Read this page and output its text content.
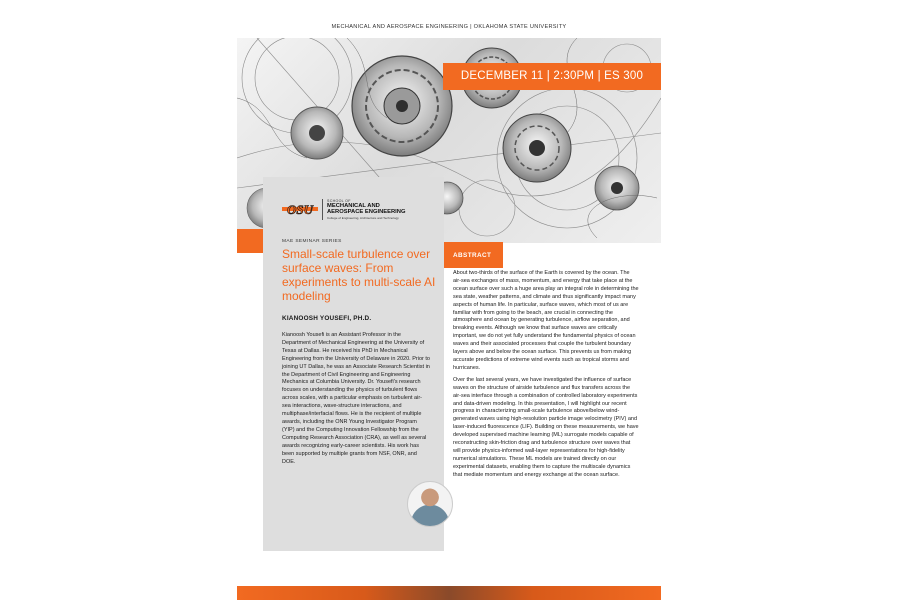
MECHANICAL AND AEROSPACE ENGINEERING | OKLAHOMA STATE UNIVERSITY
DECEMBER 11 | 2:30PM | ES 300
OSU
SCHOOL OF
MECHANICAL AND
AEROSPACE ENGINEERING
College of Engineering, Architecture and Technology
MAE SEMINAR SERIES
Small-scale turbulence over surface waves: From experiments to multi-scale AI modeling
KIANOOSH YOUSEFI, PH.D.
Kianoosh Yousefi is an Assistant Professor in the Department of Mechanical Engineering at the University of Texas at Dallas. He received his PhD in Mechanical Engineering from the University of Delaware in 2020. Prior to joining UT Dallas, he was an Associate Research Scientist in the Department of Civil Engineering and Engineering Mechanics at Columbia University. Dr. Yousefi's research focuses on understanding the physics of turbulent flows across scales, with a particular emphasis on turbulent air-sea interactions, wave-structure interactions, and multiphase/interfacial flows. He is the recipient of multiple awards, including the ONR Young Investigator Program (YIP) and the Computing Innovation Fellowship from the Computing Research Association (CRA), as well as several awards recognizing early-career scientists. His work has been supported by multiple grants from NSF, ONR, and DOE.
ABSTRACT

About two-thirds of the surface of the Earth is covered by the ocean. The air-sea exchanges of mass, momentum, and energy that take place at the ocean surface over such a huge area play an integral role in determining the sea state, weather patterns, and climate and thus significantly impact many aspects of human life. In particular, surface waves, which most of us are familiar with from going to the beach, are crucial in connecting the atmosphere and ocean by generating turbulence, airflow separation, and breaking events. Although we know that surface waves are critically important, we do not yet fully understand the fundamental physics of ocean waves and their associated processes that couple the turbulent boundary layers above and below the ocean surface. This prevents us from making accurate predictions of extreme wind events such as tropical storms and hurricanes.

Over the last several years, we have investigated the influence of surface waves on the structure of airside turbulence and flux transfers across the air-sea interface through a combination of controlled laboratory experiments and data-driven modeling. In this presentation, I will highlight our recent progress in characterizing small-scale turbulence above/below wind-generated waves using high-resolution particle image velocimetry (PIV) and laser-induced fluorescence (LIF). Building on these measurements, we have developed supervised machine learning (ML) surrogate models capable of reconstructing skin-friction drag and turbulence structure over waves that will provide physics-informed wall-layer representations for high-fidelity numerical simulations. These ML models are trained directly on our experimental datasets, enabling them to capture the multiscale dynamics that mediate momentum and energy exchange at the ocean surface.
